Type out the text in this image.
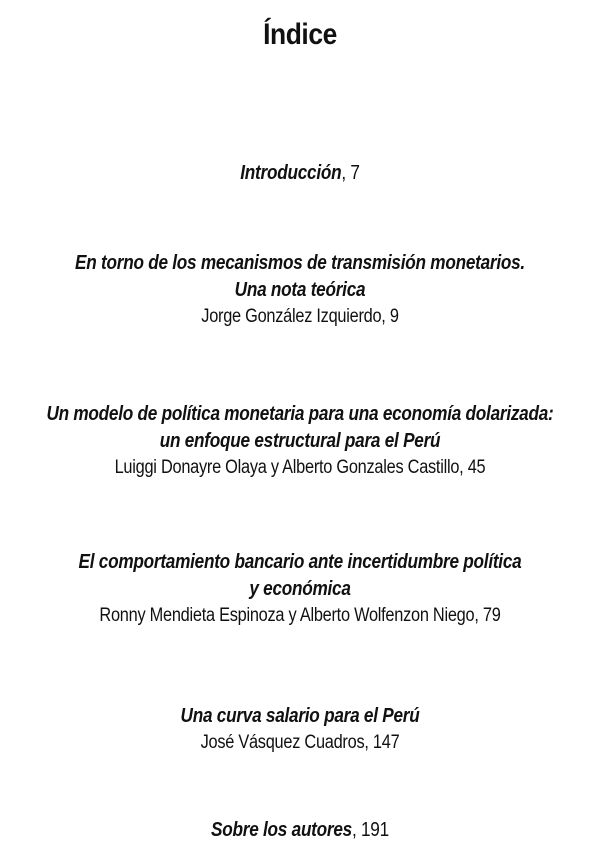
Índice
Introducción, 7
En torno de los mecanismos de transmisión monetarios.
Una nota teórica
Jorge González Izquierdo, 9
Un modelo de política monetaria para una economía dolarizada:
un enfoque estructural para el Perú
Luiggi Donayre Olaya y Alberto Gonzales Castillo, 45
El comportamiento bancario ante incertidumbre política
y económica
Ronny Mendieta Espinoza y Alberto Wolfenzon Niego, 79
Una curva salario para el Perú
José Vásquez Cuadros, 147
Sobre los autores, 191
